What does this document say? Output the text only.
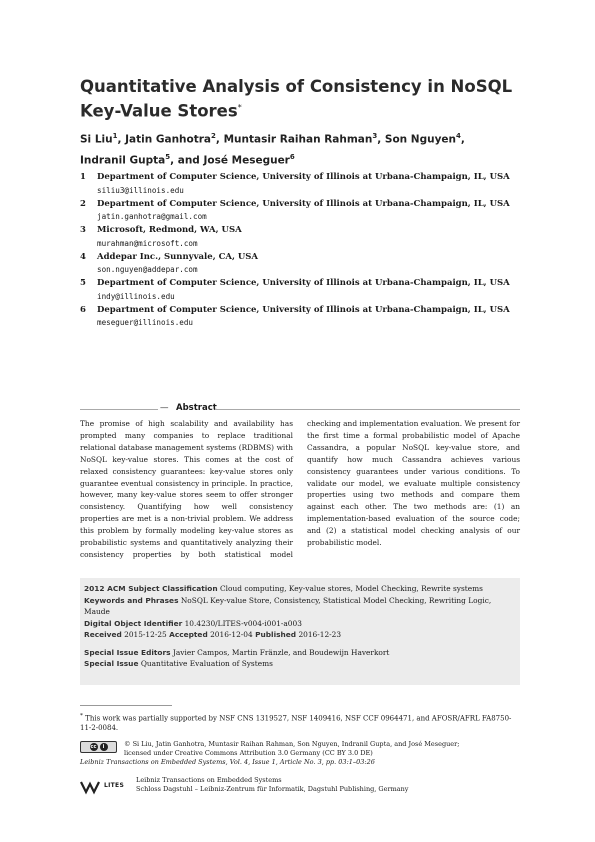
Quantitative Analysis of Consistency in NoSQL
Key-Value Stores*
Si Liu$^1$, Jatin Ganhotra$^2$, Muntasir Raihan Rahman$^3$, Son Nguyen$^4$,
Indranil Gupta$^5$, and José Meseguer$^6$
1	Department of Computer Science, University of Illinois at Urbana-Champaign, IL, USA
siliu3@illinois.edu
2	Department of Computer Science, University of Illinois at Urbana-Champaign, IL, USA
jatin.ganhotra@gmail.com
3	Microsoft, Redmond, WA, USA
murahman@microsoft.com
4	Addepar Inc., Sunnyvale, CA, USA
son.nguyen@addepar.com
5	Department of Computer Science, University of Illinois at Urbana-Champaign, IL, USA
indy@illinois.edu
6	Department of Computer Science, University of Illinois at Urbana-Champaign, IL, USA
meseguer@illinois.edu
— Abstract
The promise of high scalability and availability has prompted many companies to replace traditional relational database management systems (RDBMS) with NoSQL key-value stores. This comes at the cost of relaxed consistency guarantees: key-value stores only guarantee eventual consistency in principle. In practice, however, many key-value stores seem to offer stronger consistency. Quantifying how well consistency properties are met is a non-trivial problem. We address this problem by formally modeling key-value stores as probabilistic systems and quantitatively analyzing their consistency properties by both statistical model checking and implementation evaluation. We present for the first time a formal probabilistic model of Apache Cassandra, a popular NoSQL key-value store, and quantify how much Cassandra achieves various consistency guarantees under various conditions. To validate our model, we evaluate multiple consistency properties using two methods and compare them against each other. The two methods are: (1) an implementation-based evaluation of the source code; and (2) a statistical model checking analysis of our probabilistic model.
2012 ACM Subject Classification Cloud computing, Key-value stores, Model Checking, Rewrite systems
Keywords and Phrases NoSQL Key-value Store, Consistency, Statistical Model Checking, Rewriting Logic, Maude
Digital Object Identifier 10.4230/LITES-v004-i001-a003
Received 2015-12-25 Accepted 2016-12-04 Published 2016-12-23
Special Issue Editors Javier Campos, Martin Fränzle, and Boudewijn Haverkort
Special Issue Quantitative Evaluation of Systems
* This work was partially supported by NSF CNS 1319527, NSF 1409416, NSF CCF 0964471, and AFOSR/AFRL FA8750-11-2-0084.
cc	i	© Si Liu, Jatin Ganhotra, Muntasir Raihan Rahman, Son Nguyen, Indranil Gupta, and José Meseguer;
licensed under Creative Commons Attribution 3.0 Germany (CC BY 3.0 DE)
Leibniz Transactions on Embedded Systems, Vol. 4, Issue 1, Article No. 3, pp. 03:1–03:26
LITES
Leibniz Transactions on Embedded Systems
Schloss Dagstuhl – Leibniz-Zentrum für Informatik, Dagstuhl Publishing, Germany
